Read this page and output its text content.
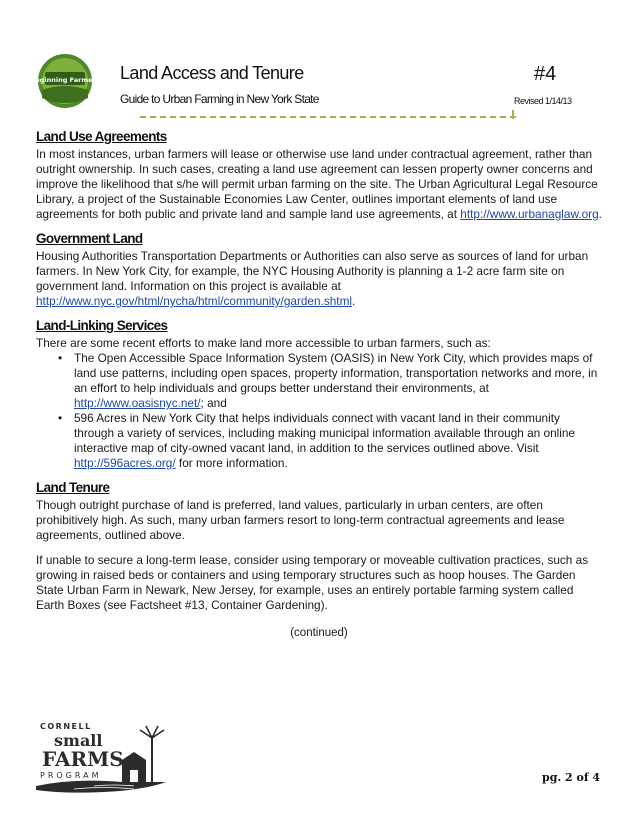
Beginning Farmers Land Access and Tenure
Guide to Urban Farming in New York State
#4
Revised 1/14/13
Land Use Agreements

In most instances, urban farmers will lease or otherwise use land under contractual agreement, rather than outright ownership. In such cases, creating a land use agreement can lessen property owner concerns and improve the likelihood that s/he will permit urban farming on the site. The Urban Agricultural Legal Resource Library, a project of the Sustainable Economies Law Center, outlines important elements of land use agreements for both public and private land and sample land use agreements, at http://www.urbanaglaw.org.

Government Land

Housing Authorities Transportation Departments or Authorities can also serve as sources of land for urban farmers. In New York City, for example, the NYC Housing Authority is planning a 1-2 acre farm site on government land. Information on this project is available at http://www.nyc.gov/html/nycha/html/community/garden.shtml.

Land-Linking Services

There are some recent efforts to make land more accessible to urban farmers, such as:

• The Open Accessible Space Information System (OASIS) in New York City, which provides maps of land use patterns, including open spaces, property information, transportation networks and more, in an effort to help individuals and groups better understand their environments, at http://www.oasisnyc.net/; and
• 596 Acres in New York City that helps individuals connect with vacant land in their community through a variety of services, including making municipal information available through an online interactive map of city-owned vacant land, in addition to the services outlined above. Visit http://596acres.org/ for more information.
Land Tenure

Though outright purchase of land is preferred, land values, particularly in urban centers, are often prohibitively high. As such, many urban farmers resort to long-term contractual agreements and lease agreements, outlined above.

If unable to secure a long-term lease, consider using temporary or moveable cultivation practices, such as growing in raised beds or containers and using temporary structures such as hoop houses. The Garden State Urban Farm in Newark, New Jersey, for example, uses an entirely portable farming system called Earth Boxes (see Factsheet #13, Container Gardening).

(continued)
CORNELL
small
FARMS
PROGRAM	pg. 2 of 4
